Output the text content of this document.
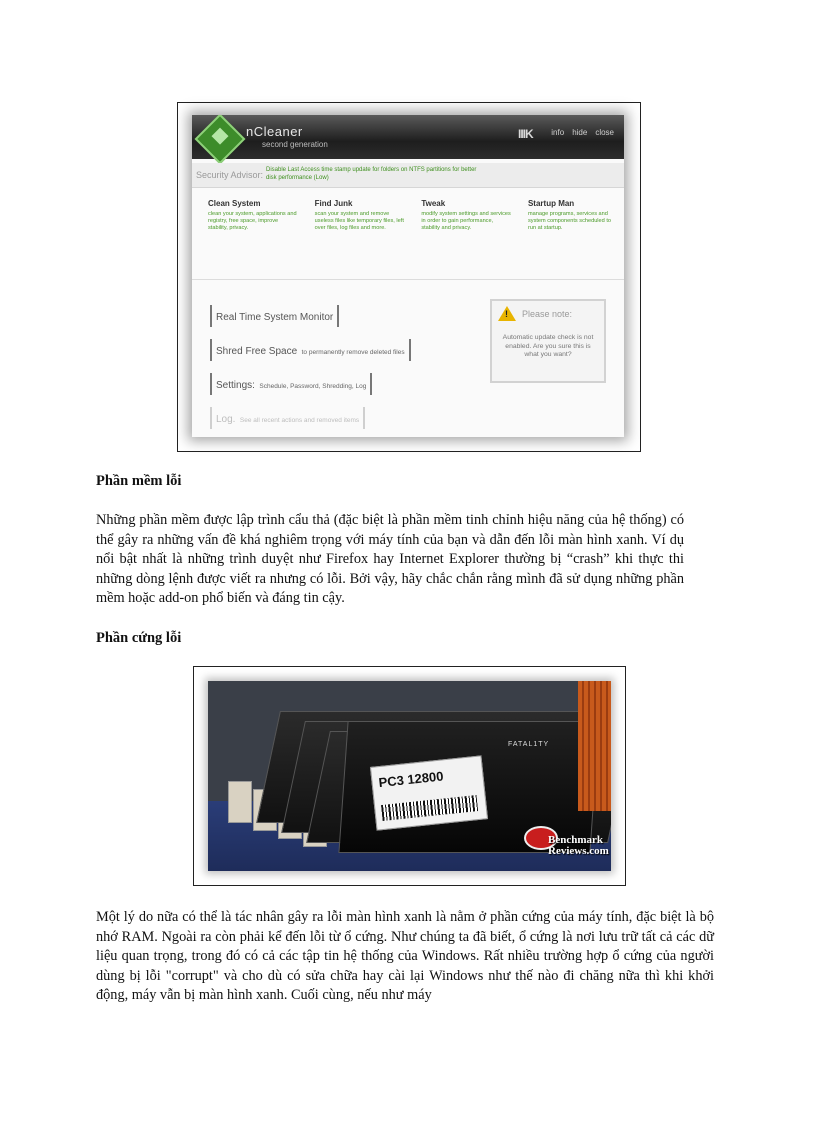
nCleaner
second generation
IIIK info hide close
Security Advisor: Disable Last Access time stamp update for folders on NTFS partitions for better disk performance (Low)
Clean System
clean your system, applications and registry, free space, improve stability, privacy.
Find Junk
scan your system and remove useless files like temporary files, left over files, log files and more.
Tweak
modify system settings and services in order to gain performance, stability and privacy.
Startup Man
manage programs, services and system components scheduled to run at startup.
Real Time System Monitor
Shred Free Space to permanently remove deleted files
Settings: Schedule, Password, Shredding, Log
Log. See all recent actions and removed items
! Please note:
Automatic update check is not enabled. Are you sure this is what you want?
Phần mềm lỗi

Những phần mềm được lập trình cẩu thả (đặc biệt là phần mềm tinh chỉnh hiệu năng của hệ thống) có thể gây ra những vấn đề khá nghiêm trọng với máy tính của bạn và dẫn đến lỗi màn hình xanh. Ví dụ nổi bật nhất là những trình duyệt như Firefox hay Internet Explorer thường bị “crash” khi thực thi những dòng lệnh được viết ra nhưng có lỗi. Bởi vậy, hãy chắc chắn rằng mình đã sử dụng những phần mềm hoặc add-on phổ biến và đáng tin cậy.

Phần cứng lỗi
PC3 12800
FATAL1TY
Benchmark
Reviews.com

Một lý do nữa có thể là tác nhân gây ra lỗi màn hình xanh là nằm ở phần cứng của máy tính, đặc biệt là bộ nhớ RAM. Ngoài ra còn phải kể đến lỗi từ ổ cứng. Như chúng ta đã biết, ổ cứng là nơi lưu trữ tất cả các dữ liệu quan trọng, trong đó có cả các tập tin hệ thống của Windows. Rất nhiều trường hợp ổ cứng của người dùng bị lỗi "corrupt" và cho dù có sửa chữa hay cài lại Windows như thế nào đi chăng nữa thì khi khởi động, máy vẫn bị màn hình xanh. Cuối cùng, nếu như máy
